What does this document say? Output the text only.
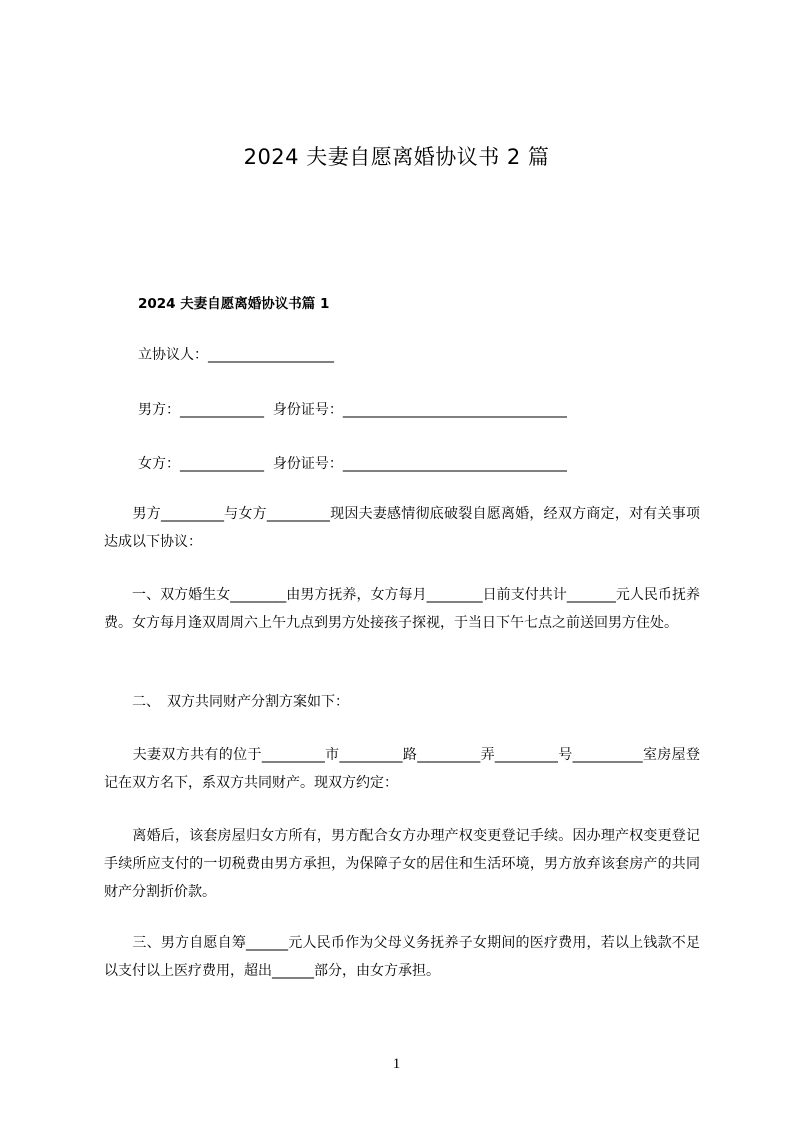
2024 夫妻自愿离婚协议书 2 篇
2024 夫妻自愿离婚协议书篇 1
立协议人：__________________
男方：____________  身份证号：________________________________
女方：____________  身份证号：________________________________

　　男方_________与女方_________现因夫妻感情彻底破裂自愿离婚，经双方商定，对有关事项达成以下协议：

　　一、双方婚生女________由男方抚养，女方每月________日前支付共计_______元人民币抚养费。女方每月逢双周周六上午九点到男方处接孩子探视，于当日下午七点之前送回男方住处。

　　二、　双方共同财产分割方案如下：

　　夫妻双方共有的位于_________市_________路_________弄_________号__________室房屋登记在双方名下，系双方共同财产。现双方约定：

　　离婚后，该套房屋归女方所有，男方配合女方办理产权变更登记手续。因办理产权变更登记手续所应支付的一切税费由男方承担，为保障子女的居住和生活环境，男方放弃该套房产的共同财产分割折价款。

　　三、男方自愿自筹______元人民币作为父母义务抚养子女期间的医疗费用，若以上钱款不足以支付以上医疗费用，超出______部分，由女方承担。

1
